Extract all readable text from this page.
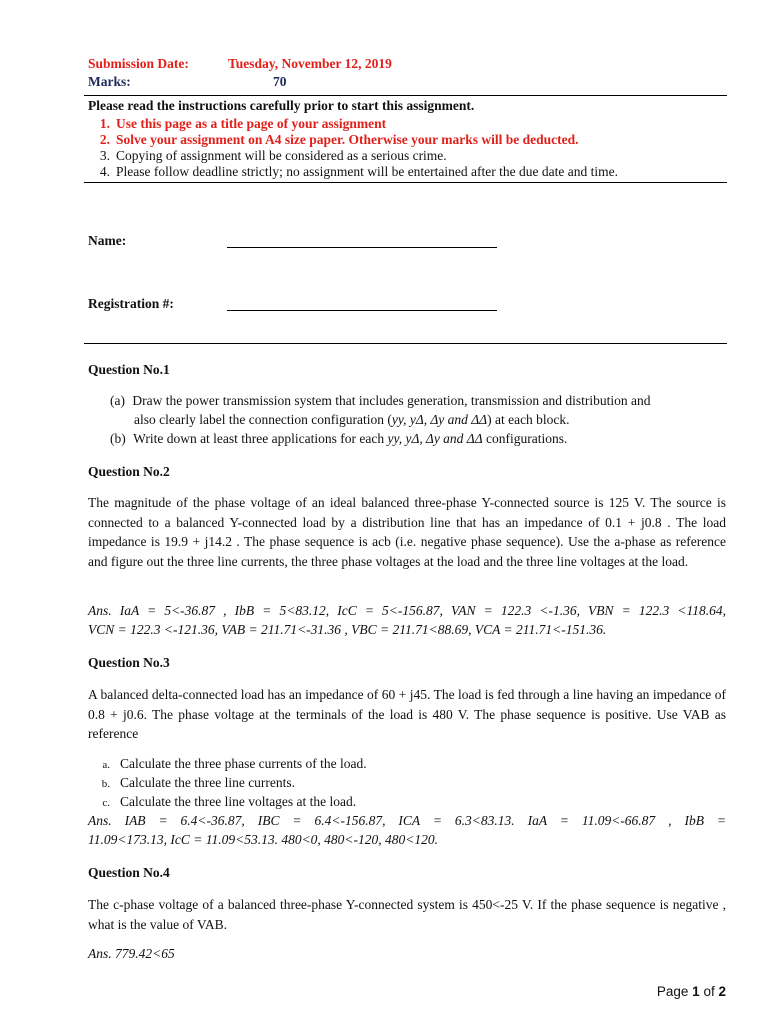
Submission Date:	Tuesday, November 12, 2019
Marks:	70
Please read the instructions carefully prior to start this assignment.
1. Use this page as a title page of your assignment
2. Solve your assignment on A4 size paper. Otherwise your marks will be deducted.
3. Copying of assignment will be considered as a serious crime.
4. Please follow deadline strictly; no assignment will be entertained after the due date and time.
Name:
Registration #:
Question No.1
(a) Draw the power transmission system that includes generation, transmission and distribution and
also clearly label the connection configuration (yy, yΔ, Δy and ΔΔ) at each block.
(b) Write down at least three applications for each yy, yΔ, Δy and ΔΔ configurations.
Question No.2
The magnitude of the phase voltage of an ideal balanced three-phase Y-connected source is 125 V. The source is connected to a balanced Y-connected load by a distribution line that has an impedance of 0.1 + j0.8 . The load impedance is 19.9 + j14.2 . The phase sequence is acb (i.e. negative phase sequence). Use the a-phase as reference and figure out the three line currents, the three phase voltages at the load and the three line voltages at the load.
Ans. IaA = 5<-36.87 , IbB = 5<83.12, IcC = 5<-156.87, VAN = 122.3 <-1.36, VBN = 122.3 <118.64,
VCN = 122.3 <-121.36, VAB = 211.71<-31.36 , VBC = 211.71<88.69, VCA = 211.71<-151.36.
Question No.3
A balanced delta-connected load has an impedance of 60 + j45. The load is fed through a line having an impedance of 0.8 + j0.6. The phase voltage at the terminals of the load is 480 V. The phase sequence is positive. Use VAB as reference
a. Calculate the three phase currents of the load.
b. Calculate the three line currents.
c. Calculate the three line voltages at the load.
Ans. IAB = 6.4<-36.87, IBC = 6.4<-156.87, ICA = 6.3<83.13. IaA = 11.09<-66.87 , IbB =
11.09<173.13, IcC = 11.09<53.13. 480<0, 480<-120, 480<120.
Question No.4
The c-phase voltage of a balanced three-phase Y-connected system is 450<-25 V. If the phase sequence is negative , what is the value of VAB.
Ans. 779.42<65
Page 1 of 2
